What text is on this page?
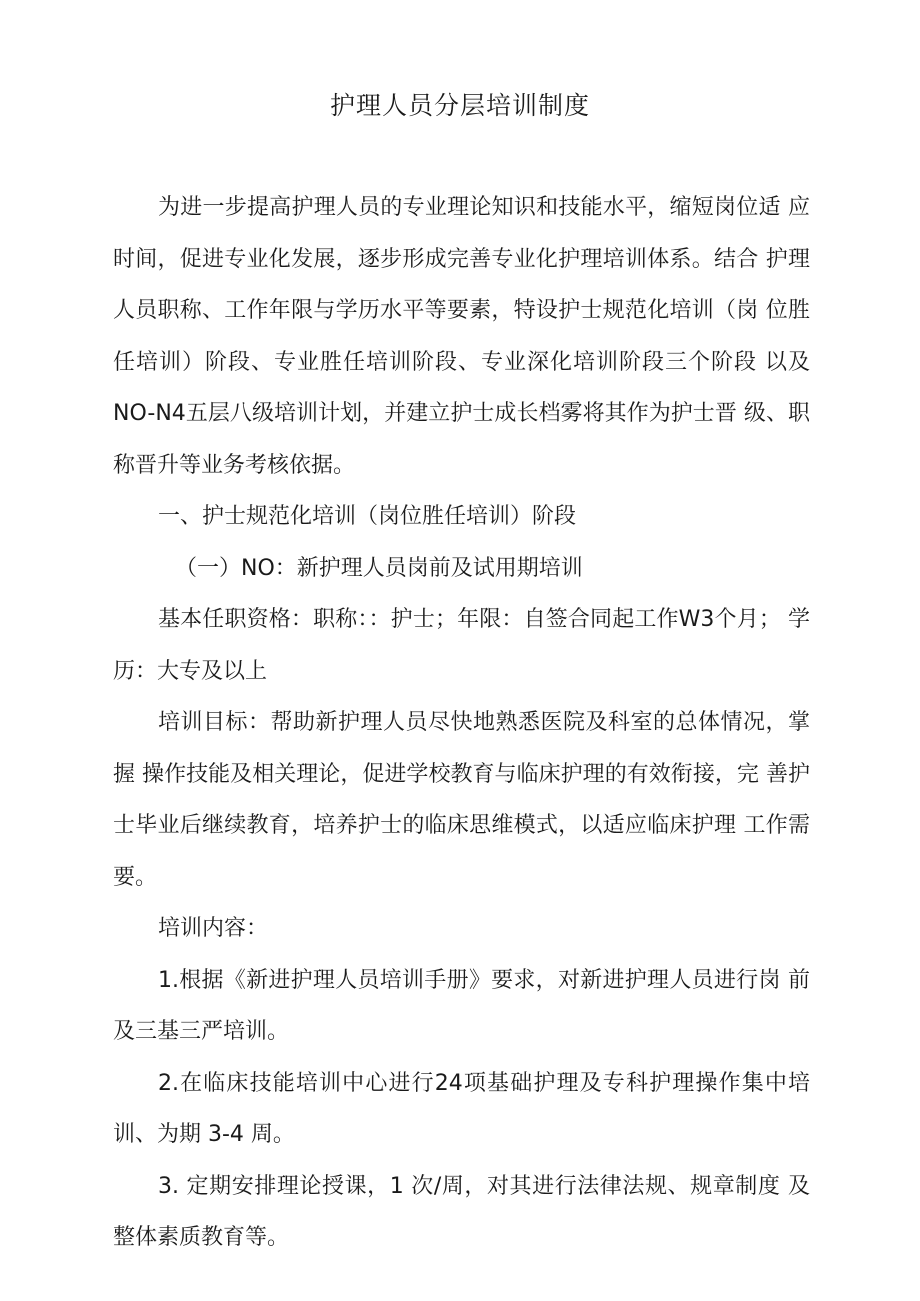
护理人员分层培训制度

为进一步提高护理人员的专业理论知识和技能水平，缩短岗位适 应时间，促进专业化发展，逐步形成完善专业化护理培训体系。结合 护理人员职称、工作年限与学历水平等要素，特设护士规范化培训（岗 位胜任培训）阶段、专业胜任培训阶段、专业深化培训阶段三个阶段 以及 NO-N4五层八级培训计划，并建立护士成长档雾将其作为护士晋 级、职称晋升等业务考核依据。

一、护士规范化培训（岗位胜任培训）阶段

（一）NO：新护理人员岗前及试用期培训

基本任职资格：职称：：护士；年限：自签合同起工作W3个月； 学历：大专及以上

培训目标：帮助新护理人员尽快地熟悉医院及科室的总体情况，掌握 操作技能及相关理论，促进学校教育与临床护理的有效衔接，完 善护士毕业后继续教育，培养护士的临床思维模式，以适应临床护理 工作需要。

培训内容：

1.根据《新进护理人员培训手册》要求，对新进护理人员进行岗 前及三基三严培训。

2.在临床技能培训中心进行24项基础护理及专科护理操作集中培训、为期 3-4 周。

3. 定期安排理论授课，1 次/周，对其进行法律法规、规章制度 及整体素质教育等。
